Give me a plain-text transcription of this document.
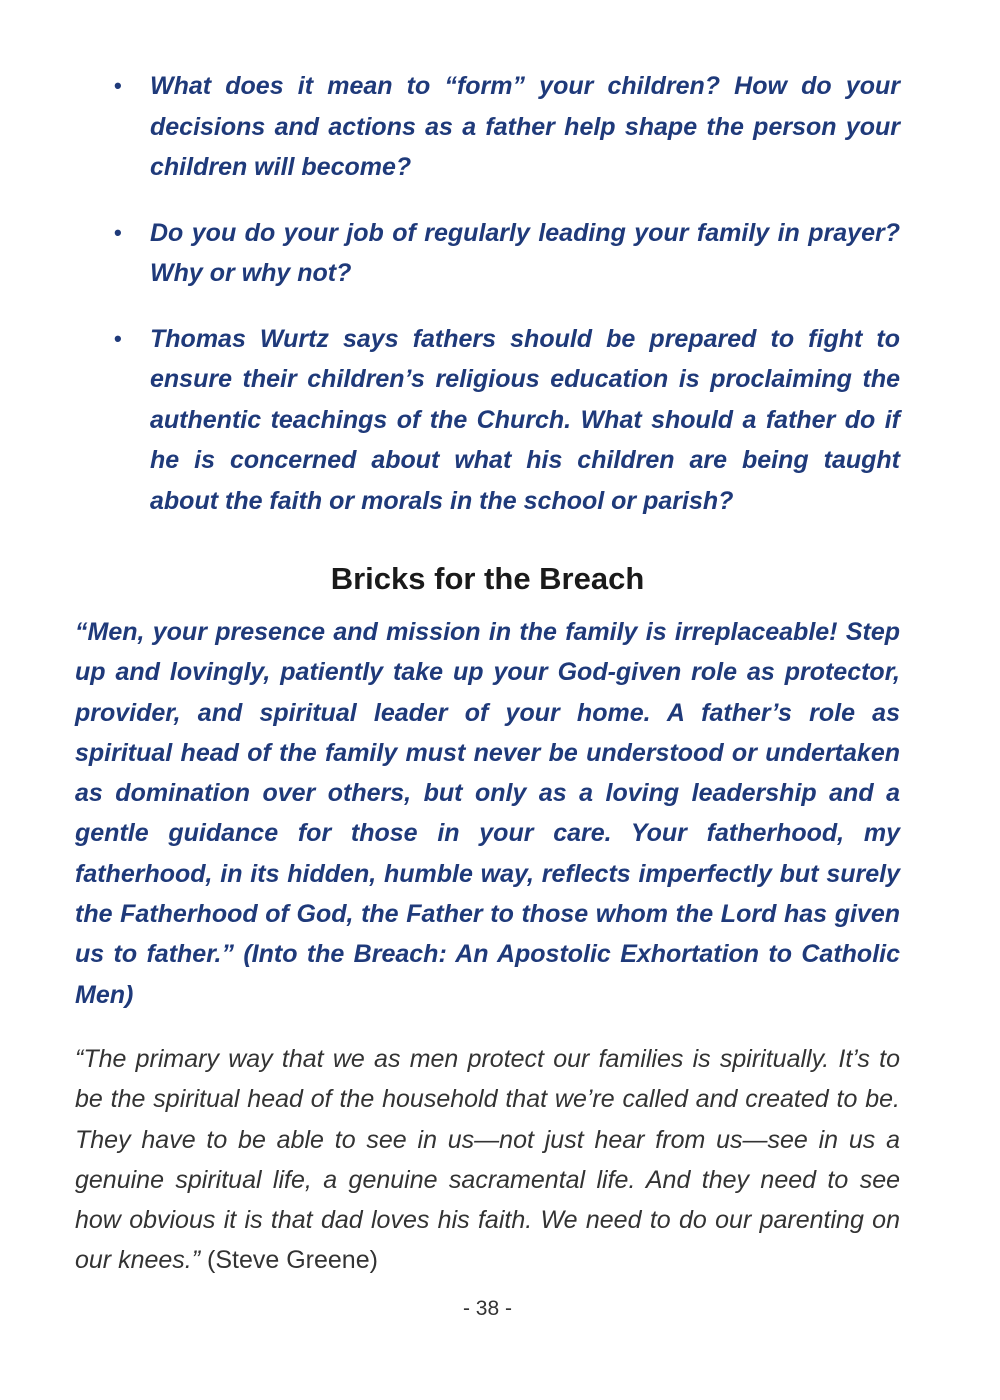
• What does it mean to “form” your children? How do your decisions and actions as a father help shape the person your children will become?
• Do you do your job of regularly leading your family in prayer? Why or why not?
• Thomas Wurtz says fathers should be prepared to fight to ensure their children’s religious education is proclaiming the authentic teachings of the Church. What should a father do if he is concerned about what his children are being taught about the faith or morals in the school or parish?
Bricks for the Breach

“Men, your presence and mission in the family is irreplaceable! Step up and lovingly, patiently take up your God-given role as protector, provider, and spiritual leader of your home. A father’s role as spiritual head of the family must never be understood or undertaken as domination over others, but only as a loving leadership and a gentle guidance for those in your care. Your fatherhood, my fatherhood, in its hidden, humble way, reflects imperfectly but surely the Fatherhood of God, the Father to those whom the Lord has given us to father.” (Into the Breach: An Apostolic Exhortation to Catholic Men)

“The primary way that we as men protect our families is spiritually. It’s to be the spiritual head of the household that we’re called and created to be. They have to be able to see in us—not just hear from us—see in us a genuine spiritual life, a genuine sacramental life. And they need to see how obvious it is that dad loves his faith. We need to do our parenting on our knees.” (Steve Greene)

- 38 -
